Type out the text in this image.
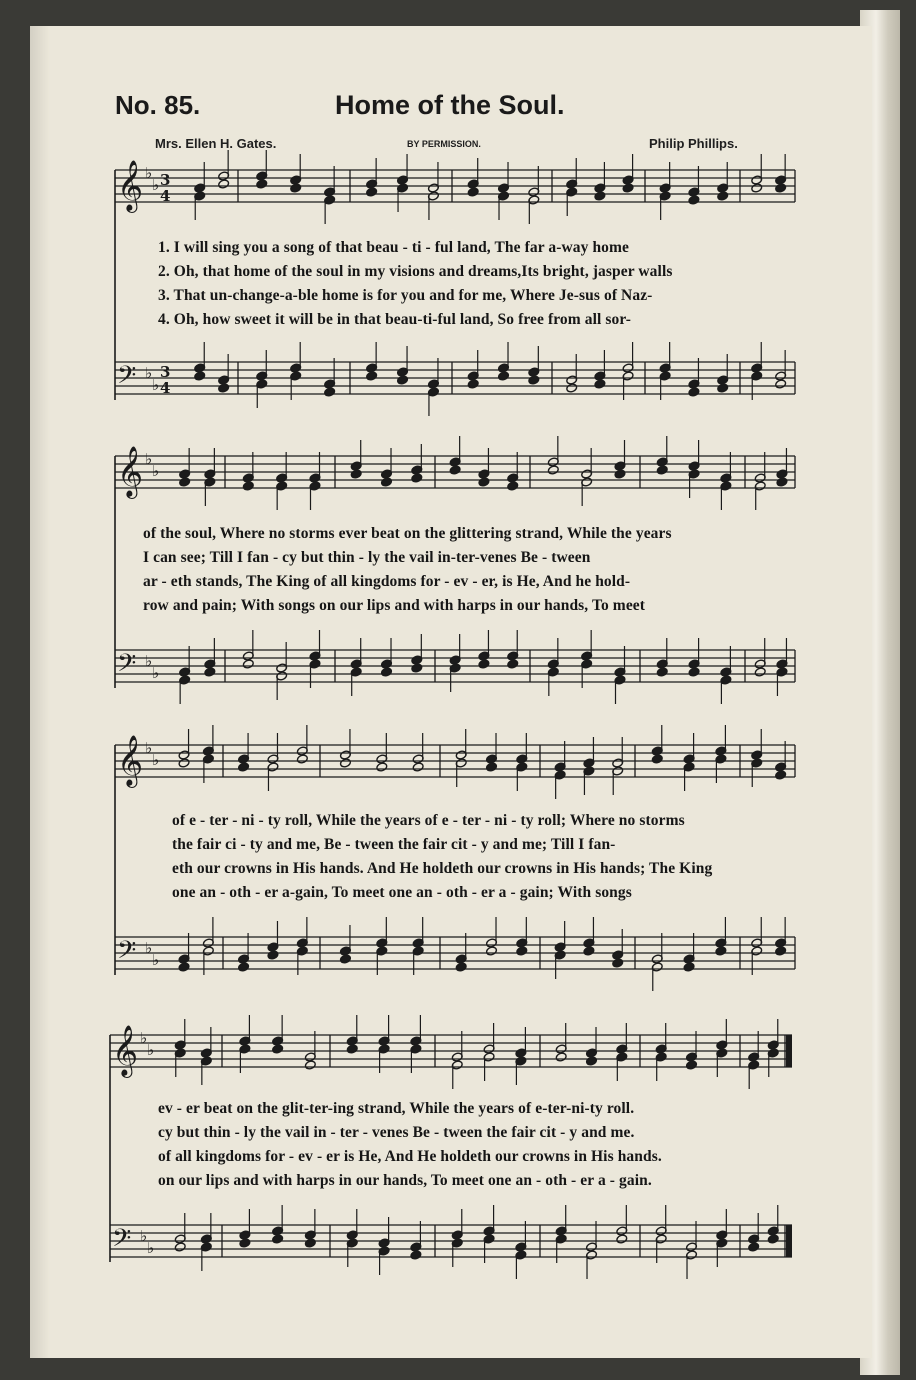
No. 85.	Home of the Soul.
Mrs. Ellen H. Gates.	BY PERMISSION.	Philip Phillips.
𝄞 ♭
♭ 3
4
𝄢 ♭
♭
3
4
𝄞 ♭
♭
𝄢 ♭
♭
𝄞 ♭
♭
𝄢 ♭
♭
𝄞 ♭
♭
𝄢 ♭
♭
1. I will sing you a song of that beau - ti - ful land, The far a-way home
2. Oh, that home of the soul in my visions and dreams,Its bright, jasper walls
3. That un-change-a-ble home is for you and for me, Where Je-sus of Naz-
4. Oh, how sweet it will be in that beau-ti-ful land, So free from all sor-
of the soul, Where no storms ever beat on the glittering strand, While the years
I can see; Till I fan - cy but thin - ly the vail in-ter-venes Be - tween
ar - eth stands, The King of all kingdoms for - ev - er, is He, And he hold-
row and pain; With songs on our lips and with harps in our hands, To meet
of e - ter - ni - ty roll, While the years of e - ter - ni - ty roll; Where no storms
the fair ci - ty and me, Be - tween the fair cit - y and me; Till I fan-
eth our crowns in His hands. And He holdeth our crowns in His hands; The King
one an - oth - er a-gain, To meet one an - oth - er a - gain; With songs
ev - er beat on the glit-ter-ing strand, While the years of e-ter-ni-ty roll.
cy but thin - ly the vail in - ter - venes Be - tween the fair cit - y and me.
of all kingdoms for - ev - er is He, And He holdeth our crowns in His hands.
on our lips and with harps in our hands, To meet one an - oth - er a - gain.
